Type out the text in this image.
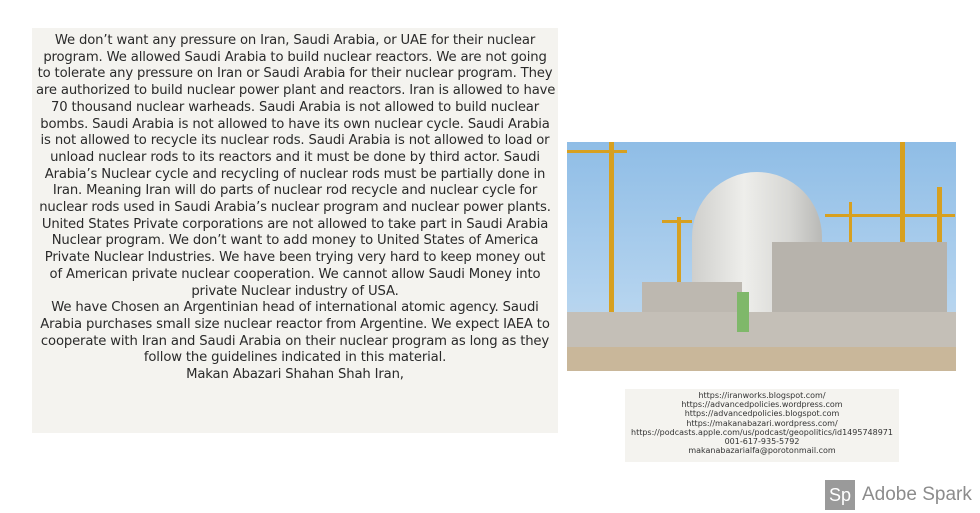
We don’t want any pressure on Iran, Saudi Arabia, or UAE for their nuclear
program. We allowed Saudi Arabia to build nuclear reactors. We are not going
to tolerate any pressure on Iran or Saudi Arabia for their nuclear program. They
are authorized to build nuclear power plant and reactors. Iran is allowed to have
70 thousand nuclear warheads. Saudi Arabia is not allowed to build nuclear
bombs. Saudi Arabia is not allowed to have its own nuclear cycle. Saudi Arabia
is not allowed to recycle its nuclear rods. Saudi Arabia is not allowed to load or
unload nuclear rods to its reactors and it must be done by third actor. Saudi
Arabia’s Nuclear cycle and recycling of nuclear rods must be partially done in
Iran. Meaning Iran will do parts of nuclear rod recycle and nuclear cycle for
nuclear rods used in Saudi Arabia’s nuclear program and nuclear power plants.
United States Private corporations are not allowed to take part in Saudi Arabia
Nuclear program. We don’t want to add money to United States of America
Private Nuclear Industries. We have been trying very hard to keep money out
of American private nuclear cooperation. We cannot allow Saudi Money into
private Nuclear industry of USA.
We have Chosen an Argentinian head of international atomic agency. Saudi
Arabia purchases small size nuclear reactor from Argentine. We expect IAEA to
cooperate with Iran and Saudi Arabia on their nuclear program as long as they
follow the guidelines indicated in this material.
Makan Abazari Shahan Shah Iran,
https://iranworks.blogspot.com/
https://advancedpolicies.wordpress.com
https://advancedpolicies.blogspot.com
https://makanabazari.wordpress.com/
https://podcasts.apple.com/us/podcast/geopolitics/id1495748971
001-617-935-5792
makanabazarialfa@porotonmail.com
Sp Adobe Spark
